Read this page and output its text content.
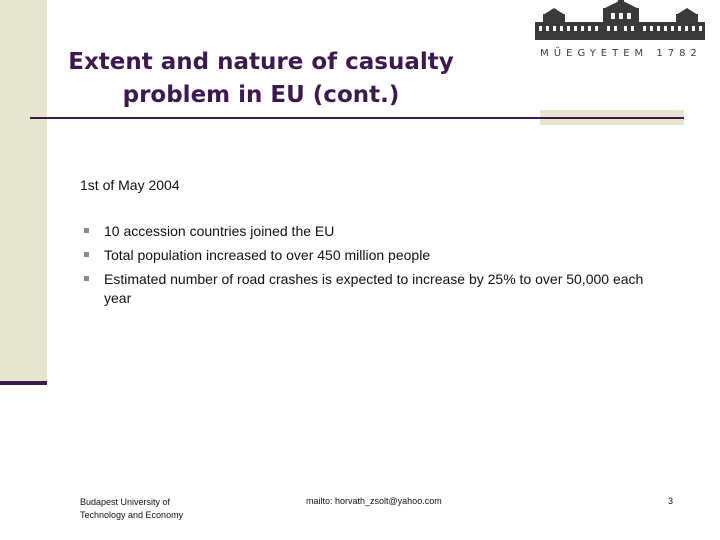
Extent and nature of casualty
problem in EU (cont.)
MŰEGYETEM 1782
1st of May 2004
10 accession countries joined the EU
Total population increased to over 450 million people
Estimated number of road crashes is expected to increase by 25% to over 50,000 each year
Budapest University of
Technology and Economy
mailto: horvath_zsolt@yahoo.com	3
